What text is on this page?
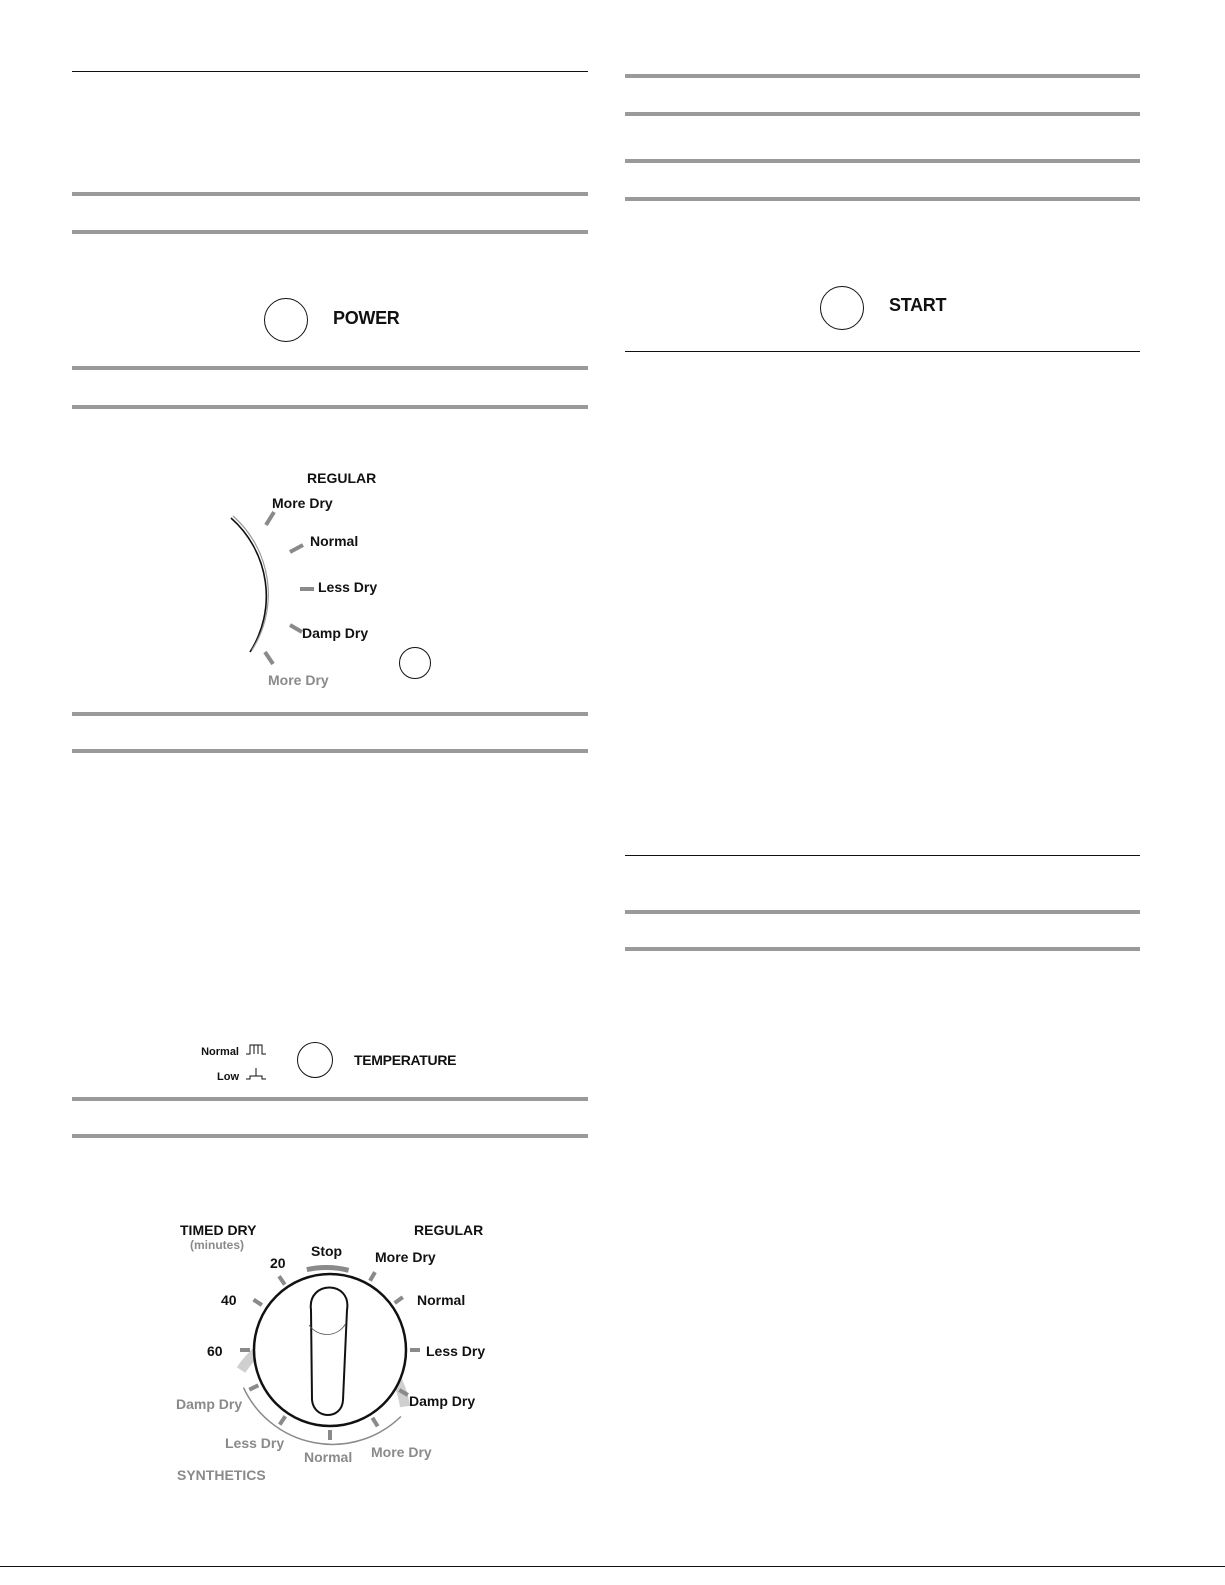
POWER
START
REGULAR
More Dry
Normal
Less Dry
Damp Dry
More Dry
Normal
Low
TEMPERATURE
TIMED DRY
(minutes)
REGULAR
SYNTHETICS
Stop
20
40
60
More Dry
Normal
Less Dry
Damp Dry
Damp Dry
Less Dry
Normal More Dry
